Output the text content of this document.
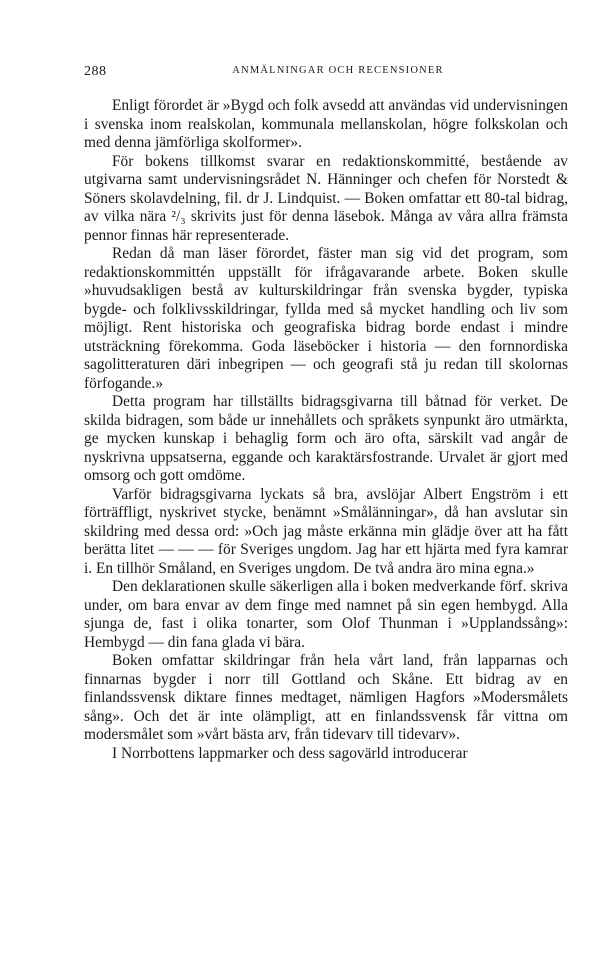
288	ANMÄLNINGAR OCH RECENSIONER

Enligt förordet är »Bygd och folk avsedd att användas vid undervisningen i svenska inom realskolan, kommunala mellanskolan, högre folkskolan och med denna jämförliga skolformer».

För bokens tillkomst svarar en redaktionskommitté, bestående av utgivarna samt undervisningsrådet N. Hänninger och chefen för Norstedt & Söners skolavdelning, fil. dr J. Lindquist. — Boken omfattar ett 80-tal bidrag, av vilka nära ²/₃ skrivits just för denna läsebok. Många av våra allra främsta pennor finnas här representerade.

Redan då man läser förordet, fäster man sig vid det program, som redaktionskommittén uppställt för ifrågavarande arbete. Boken skulle »huvudsakligen bestå av kulturskildringar från svenska bygder, typiska bygde- och folklivsskildringar, fyllda med så mycket handling och liv som möjligt. Rent historiska och geografiska bidrag borde endast i mindre utsträckning förekomma. Goda läseböcker i historia — den fornnordiska sagolitteraturen däri inbegripen — och geografi stå ju redan till skolornas förfogande.»

Detta program har tillställts bidragsgivarna till båtnad för verket. De skilda bidragen, som både ur innehållets och språkets synpunkt äro utmärkta, ge mycken kunskap i behaglig form och äro ofta, särskilt vad angår de nyskrivna uppsatserna, eggande och karaktärsfostrande. Urvalet är gjort med omsorg och gott omdöme.

Varför bidragsgivarna lyckats så bra, avslöjar Albert Engström i ett förträffligt, nyskrivet stycke, benämnt »Smålänningar», då han avslutar sin skildring med dessa ord: »Och jag måste erkänna min glädje över att ha fått berätta litet — — — för Sveriges ungdom. Jag har ett hjärta med fyra kamrar i. En tillhör Småland, en Sveriges ungdom. De två andra äro mina egna.»

Den deklarationen skulle säkerligen alla i boken medverkande förf. skriva under, om bara envar av dem finge med namnet på sin egen hembygd. Alla sjunga de, fast i olika tonarter, som Olof Thunman i »Upplandssång»: Hembygd — din fana glada vi bära.

Boken omfattar skildringar från hela vårt land, från lapparnas och finnarnas bygder i norr till Gottland och Skåne. Ett bidrag av en finlandssvensk diktare finnes medtaget, nämligen Hagfors »Modersmålets sång». Och det är inte olämpligt, att en finlandssvensk får vittna om modersmålet som »vårt bästa arv, från tidevarv till tidevarv».

I Norrbottens lappmarker och dess sagovärld introducerar
